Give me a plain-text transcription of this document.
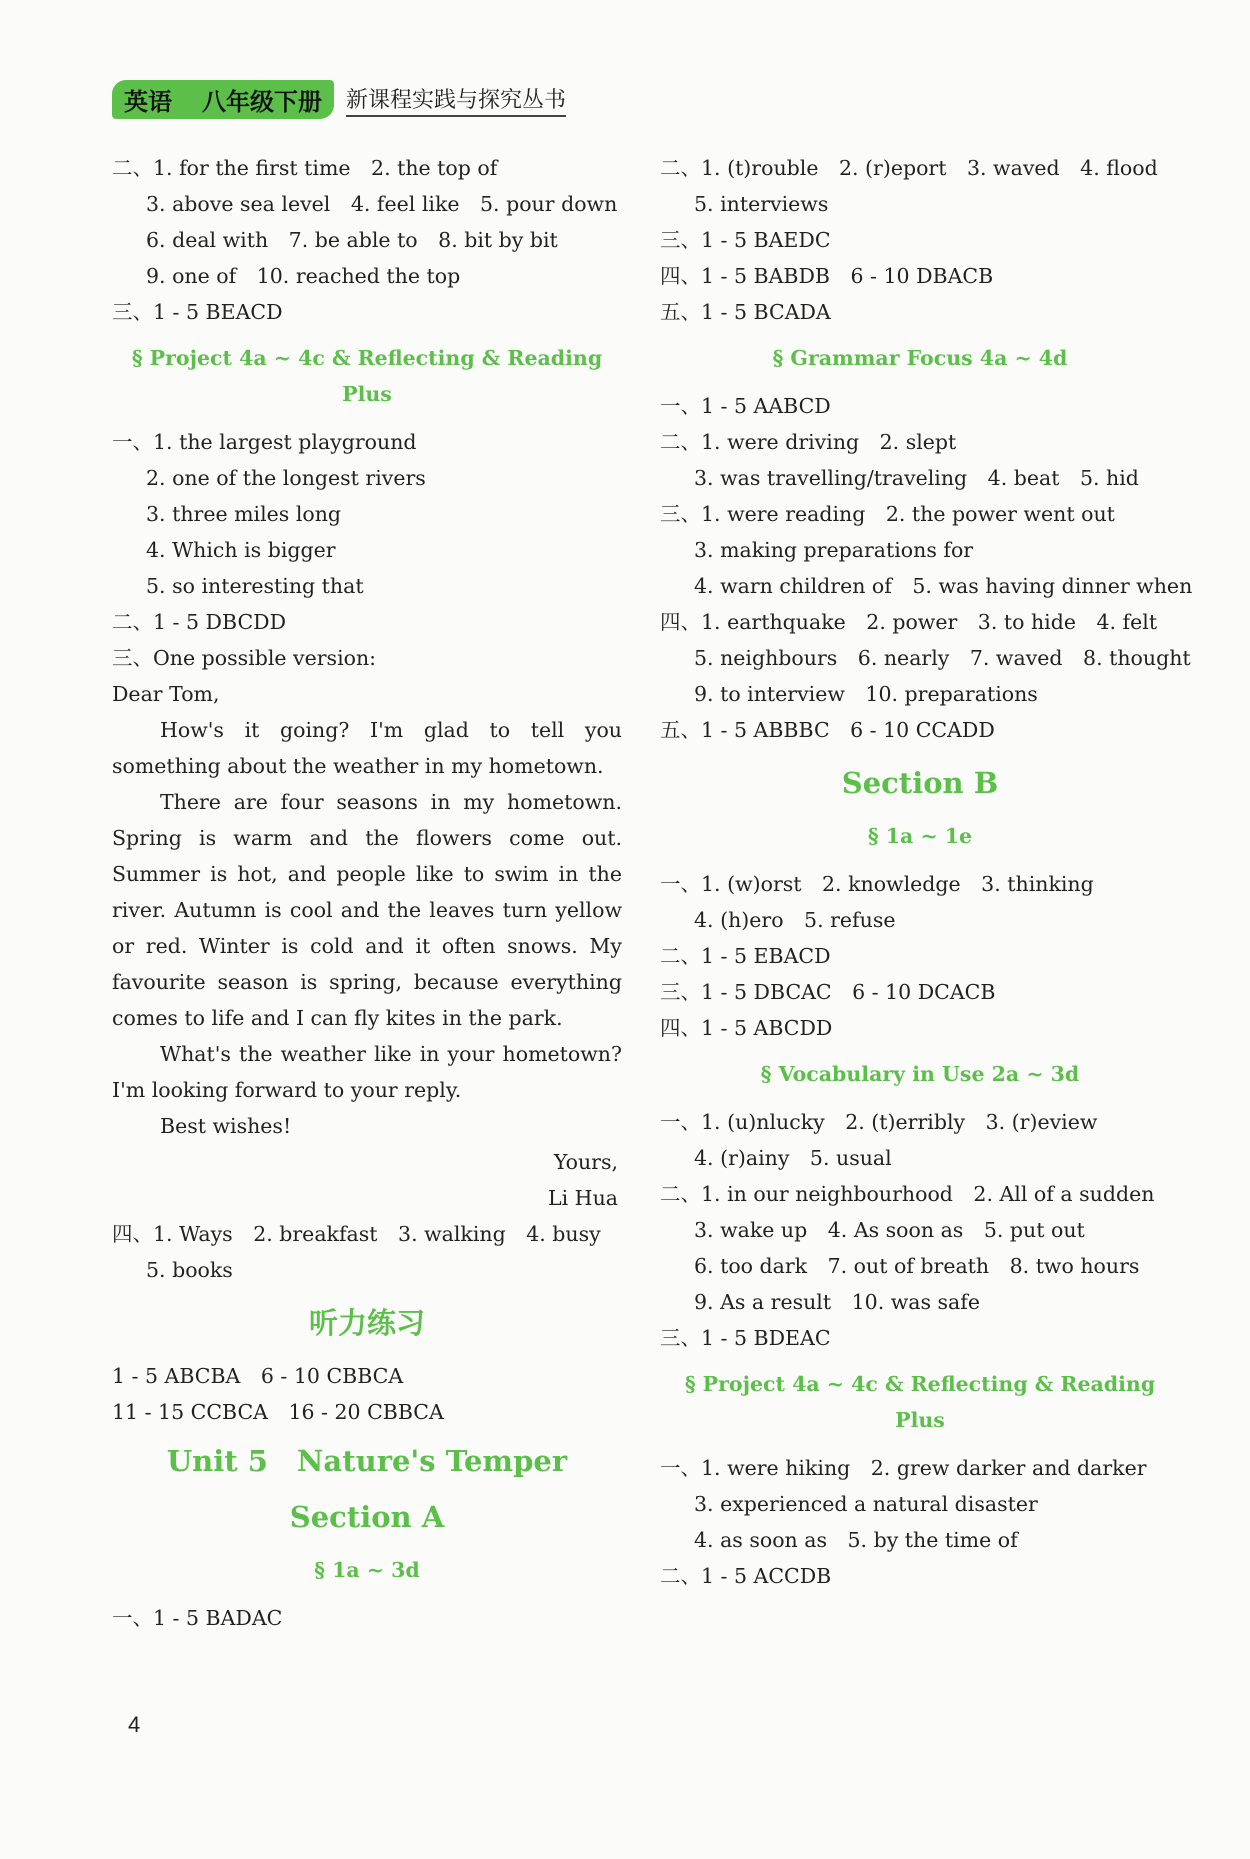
英语 八年级下册 新课程实践与探究丛书
二、1. for the first time　2. the top of
3. above sea level　4. feel like　5. pour down
6. deal with　7. be able to　8. bit by bit
9. one of　10. reached the top
三、1 - 5 BEACD
§ Project 4a ~ 4c & Reflecting & Reading Plus
一、1. the largest playground
2. one of the longest rivers
3. three miles long
4. Which is bigger
5. so interesting that
二、1 - 5 DBCDD
三、One possible version:
Dear Tom,
How's it going? I'm glad to tell you something about the weather in my hometown.
There are four seasons in my hometown. Spring is warm and the flowers come out. Summer is hot, and people like to swim in the river. Autumn is cool and the leaves turn yellow or red. Winter is cold and it often snows. My favourite season is spring, because everything comes to life and I can fly kites in the park.
What's the weather like in your hometown? I'm looking forward to your reply.
Best wishes!
Yours,
Li Hua
四、1. Ways　2. breakfast　3. walking　4. busy
5. books
听力练习
1 - 5 ABCBA　6 - 10 CBBCA
11 - 15 CCBCA　16 - 20 CBBCA
Unit 5　Nature's Temper
Section A
§ 1a ~ 3d
一、1 - 5 BADAC
二、1. (t)rouble　2. (r)eport　3. waved　4. flood
5. interviews
三、1 - 5 BAEDC
四、1 - 5 BABDB　6 - 10 DBACB
五、1 - 5 BCADA
§ Grammar Focus 4a ~ 4d
一、1 - 5 AABCD
二、1. were driving　2. slept
3. was travelling/traveling　4. beat　5. hid
三、1. were reading　2. the power went out
3. making preparations for
4. warn children of　5. was having dinner when
四、1. earthquake　2. power　3. to hide　4. felt
5. neighbours　6. nearly　7. waved　8. thought
9. to interview　10. preparations
五、1 - 5 ABBBC　6 - 10 CCADD
Section B
§ 1a ~ 1e
一、1. (w)orst　2. knowledge　3. thinking
4. (h)ero　5. refuse
二、1 - 5 EBACD
三、1 - 5 DBCAC　6 - 10 DCACB
四、1 - 5 ABCDD
§ Vocabulary in Use 2a ~ 3d
一、1. (u)nlucky　2. (t)erribly　3. (r)eview
4. (r)ainy　5. usual
二、1. in our neighbourhood　2. All of a sudden
3. wake up　4. As soon as　5. put out
6. too dark　7. out of breath　8. two hours
9. As a result　10. was safe
三、1 - 5 BDEAC
§ Project 4a ~ 4c & Reflecting & Reading Plus
一、1. were hiking　2. grew darker and darker
3. experienced a natural disaster
4. as soon as　5. by the time of
二、1 - 5 ACCDB
4
